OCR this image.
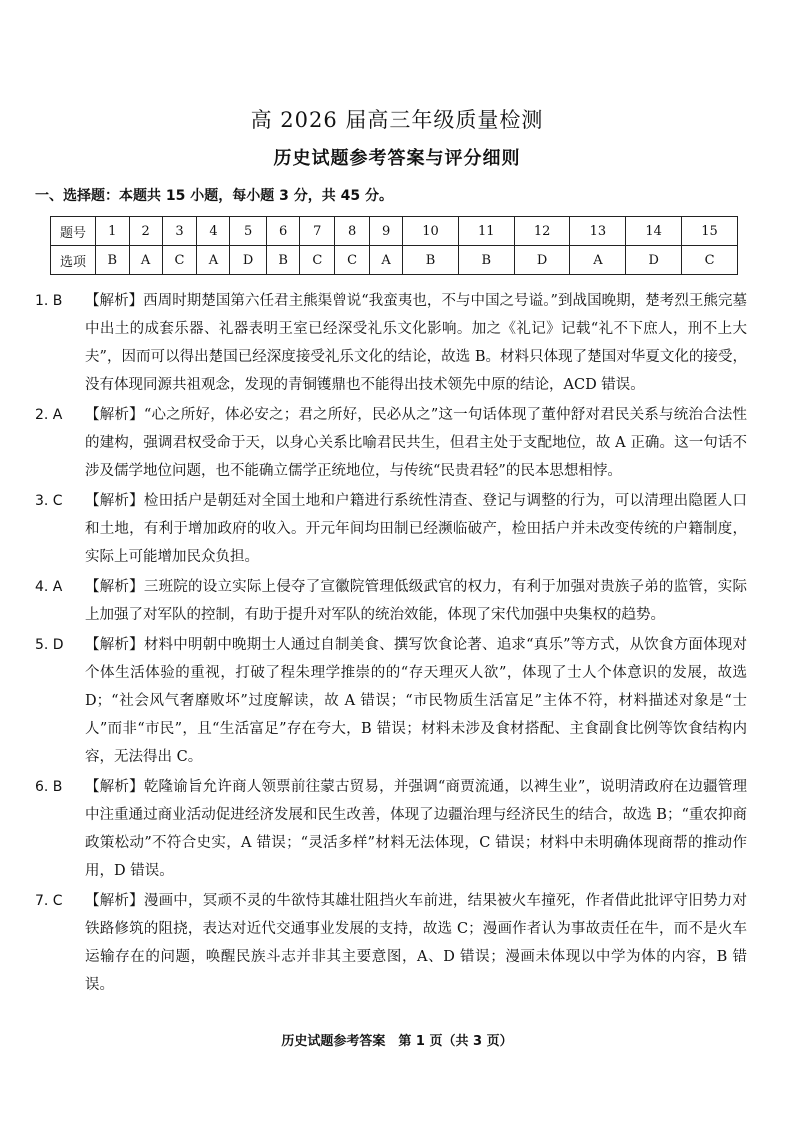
高 2026 届高三年级质量检测
历史试题参考答案与评分细则
一、选择题：本题共 15 小题，每小题 3 分，共 45 分。
题号	1	2	3	4	5	6	7	8	9	10	11	12	13	14	15
选项	B	A	C	A	D	B	C	C	A	B	B	D	A	D	C
1. B	【解析】西周时期楚国第六任君主熊渠曾说“我蛮夷也，不与中国之号谥。”到战国晚期，楚考烈王熊完墓中出土的成套乐器、礼器表明王室已经深受礼乐文化影响。加之《礼记》记载“礼不下庶人，刑不上大夫”，因而可以得出楚国已经深度接受礼乐文化的结论，故选 B。材料只体现了楚国对华夏文化的接受，没有体现同源共祖观念，发现的青铜镬鼎也不能得出技术领先中原的结论，ACD 错误。
2. A	【解析】“心之所好，体必安之；君之所好，民必从之”这一句话体现了董仲舒对君民关系与统治合法性的建构，强调君权受命于天，以身心关系比喻君民共生，但君主处于支配地位，故 A 正确。这一句话不涉及儒学地位问题，也不能确立儒学正统地位，与传统“民贵君轻”的民本思想相悖。
3. C	【解析】检田括户是朝廷对全国土地和户籍进行系统性清查、登记与调整的行为，可以清理出隐匿人口和土地，有利于增加政府的收入。开元年间均田制已经濒临破产，检田括户并未改变传统的户籍制度，实际上可能增加民众负担。
4. A	【解析】三班院的设立实际上侵夺了宣徽院管理低级武官的权力，有利于加强对贵族子弟的监管，实际上加强了对军队的控制，有助于提升对军队的统治效能，体现了宋代加强中央集权的趋势。
5. D	【解析】材料中明朝中晚期士人通过自制美食、撰写饮食论著、追求“真乐”等方式，从饮食方面体现对个体生活体验的重视，打破了程朱理学推崇的的“存天理灭人欲”，体现了士人个体意识的发展，故选 D；“社会风气奢靡败坏”过度解读，故 A 错误；“市民物质生活富足”主体不符，材料描述对象是“士人”而非“市民”，且“生活富足”存在夸大，B 错误；材料未涉及食材搭配、主食副食比例等饮食结构内容，无法得出 C。
6. B	【解析】乾隆谕旨允许商人领票前往蒙古贸易，并强调“商贾流通，以裨生业”，说明清政府在边疆管理中注重通过商业活动促进经济发展和民生改善，体现了边疆治理与经济民生的结合，故选 B；“重农抑商政策松动”不符合史实，A 错误；“灵活多样”材料无法体现，C 错误；材料中未明确体现商帮的推动作用，D 错误。
7. C	【解析】漫画中，冥顽不灵的牛欲恃其雄壮阻挡火车前进，结果被火车撞死，作者借此批评守旧势力对铁路修筑的阻挠，表达对近代交通事业发展的支持，故选 C；漫画作者认为事故责任在牛，而不是火车运输存在的问题，唤醒民族斗志并非其主要意图，A、D 错误；漫画未体现以中学为体的内容，B 错误。
历史试题参考答案　第 1 页（共 3 页）
